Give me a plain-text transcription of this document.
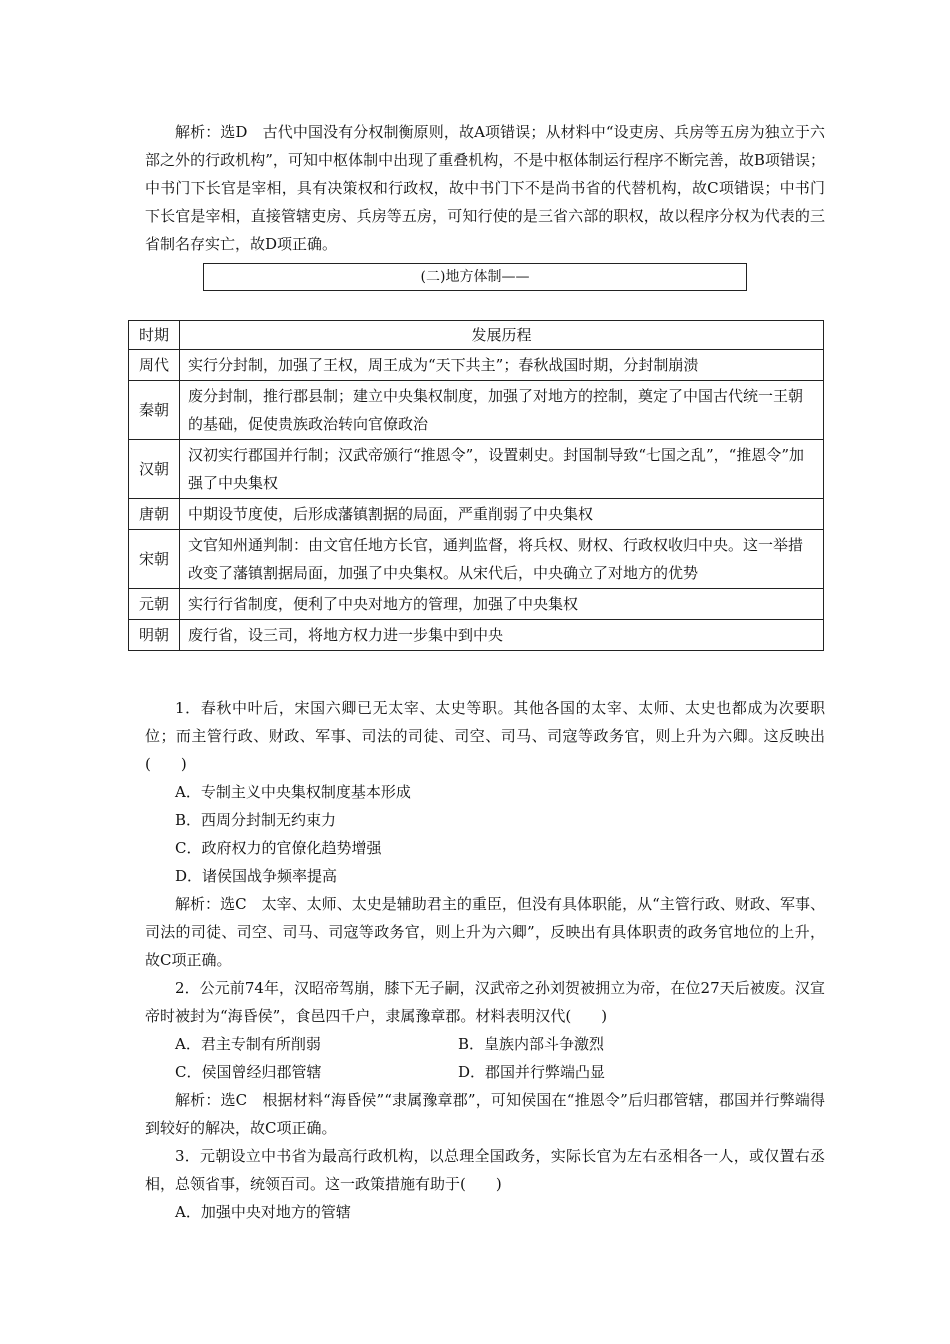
解析：选D　古代中国没有分权制衡原则，故A项错误；从材料中“设吏房、兵房等五房为独立于六部之外的行政机构”，可知中枢体制中出现了重叠机构，不是中枢体制运行程序不断完善，故B项错误；中书门下长官是宰相，具有决策权和行政权，故中书门下不是尚书省的代替机构，故C项错误；中书门下长官是宰相，直接管辖吏房、兵房等五房，可知行使的是三省六部的职权，故以程序分权为代表的三省制名存实亡，故D项正确。

(二)地方体制——
时期	发展历程
周代	实行分封制，加强了王权，周王成为“天下共主”；春秋战国时期，分封制崩溃
秦朝	废分封制，推行郡县制；建立中央集权制度，加强了对地方的控制，奠定了中国古代统一王朝的基础，促使贵族政治转向官僚政治
汉朝	汉初实行郡国并行制；汉武帝颁行“推恩令”，设置刺史。封国制导致“七国之乱”，“推恩令”加强了中央集权
唐朝	中期设节度使，后形成藩镇割据的局面，严重削弱了中央集权
宋朝	文官知州通判制：由文官任地方长官，通判监督，将兵权、财权、行政权收归中央。这一举措改变了藩镇割据局面，加强了中央集权。从宋代后，中央确立了对地方的优势
元朝	实行行省制度，便利了中央对地方的管理，加强了中央集权
明朝	废行省，设三司，将地方权力进一步集中到中央

1．春秋中叶后，宋国六卿已无太宰、太史等职。其他各国的太宰、太师、太史也都成为次要职位；而主管行政、财政、军事、司法的司徒、司空、司马、司寇等政务官，则上升为六卿。这反映出(　　)

A．专制主义中央集权制度基本形成
B．西周分封制无约束力
C．政府权力的官僚化趋势增强
D．诸侯国战争频率提高

解析：选C　太宰、太师、太史是辅助君主的重臣，但没有具体职能，从“主管行政、财政、军事、司法的司徒、司空、司马、司寇等政务官，则上升为六卿”，反映出有具体职责的政务官地位的上升，故C项正确。

2．公元前74年，汉昭帝驾崩，膝下无子嗣，汉武帝之孙刘贺被拥立为帝，在位27天后被废。汉宣帝时被封为“海昏侯”，食邑四千户，隶属豫章郡。材料表明汉代(　　)

A．君主专制有所削弱	B．皇族内部斗争激烈
C．侯国曾经归郡管辖	D．郡国并行弊端凸显

解析：选C　根据材料“海昏侯”“隶属豫章郡”，可知侯国在“推恩令”后归郡管辖，郡国并行弊端得到较好的解决，故C项正确。

3．元朝设立中书省为最高行政机构，以总理全国政务，实际长官为左右丞相各一人，或仅置右丞相，总领省事，统领百司。这一政策措施有助于(　　)

A．加强中央对地方的管辖
